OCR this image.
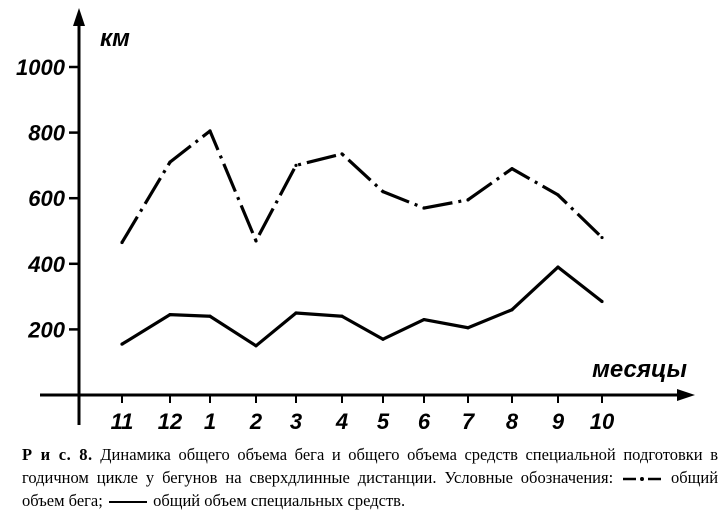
200
400
600
800
1000
11 12 1 2 3 4 5 6 7 8 9 10
км
месяцы
Р и с. 8. Динамика общего объема бега и общего объема средств специальной подготовки в годичном цикле у бегунов на сверхдлинные дистанции. Условные обозначения:	общий объем бега;	общий объем специальных средств.
